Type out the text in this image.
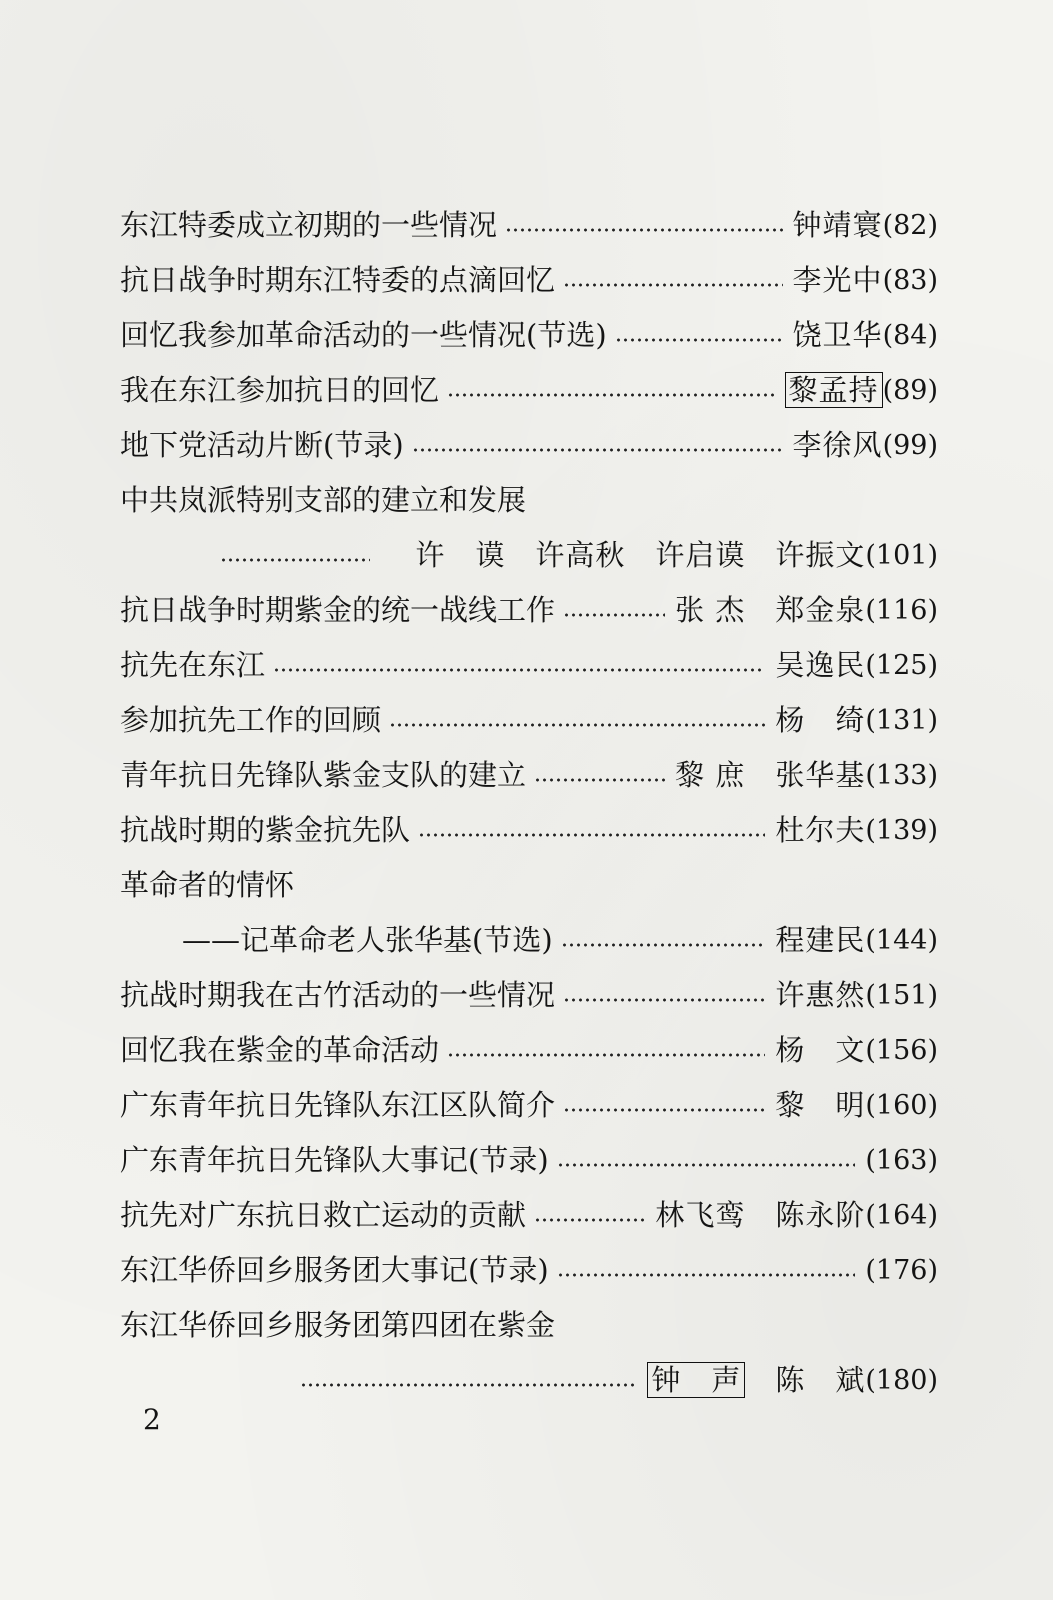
东江特委成立初期的一些情况	钟靖寰 (82)
抗日战争时期东江特委的点滴回忆	李光中 (83)
回忆我参加革命活动的一些情况(节选)	饶卫华 (84)
我在东江参加抗日的回忆	黎孟持 (89)
地下党活动片断(节录)	李徐风 (99)
中共岚派特别支部的建立和发展
许　谟　许高秋　许启谟　许振文 (101)
抗日战争时期紫金的统一战线工作	张 杰　郑金泉 (116)
抗先在东江	吴逸民 (125)
参加抗先工作的回顾	杨　绮 (131)
青年抗日先锋队紫金支队的建立	黎 庶　张华基 (133)
抗战时期的紫金抗先队	杜尔夫 (139)
革命者的情怀
——记革命老人张华基(节选)	程建民 (144)
抗战时期我在古竹活动的一些情况	许惠然 (151)
回忆我在紫金的革命活动	杨　文 (156)
广东青年抗日先锋队东江区队简介	黎　明 (160)
广东青年抗日先锋队大事记(节录)	(163)
抗先对广东抗日救亡运动的贡献	林飞鸾　陈永阶 (164)
东江华侨回乡服务团大事记(节录)	(176)
东江华侨回乡服务团第四团在紫金
钟　声　 陈　斌 (180)
2
